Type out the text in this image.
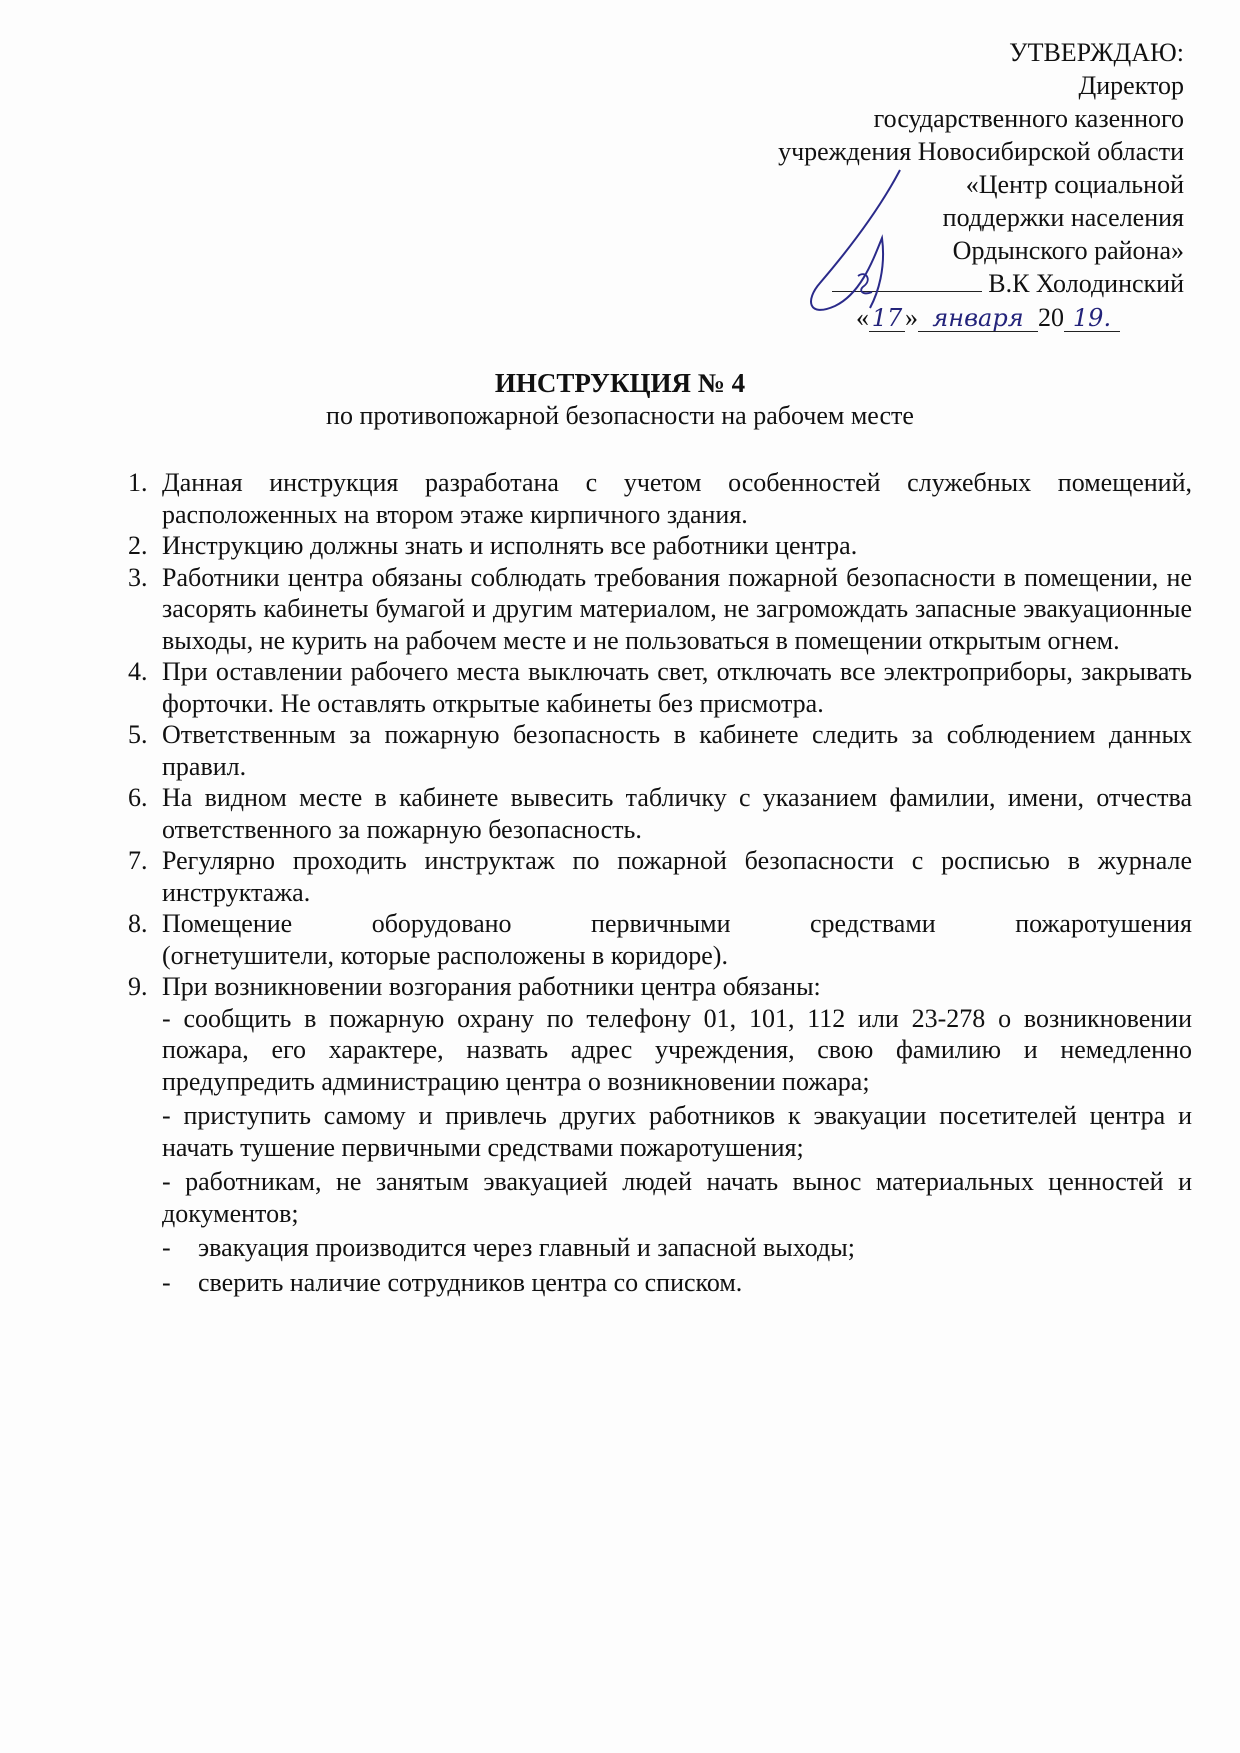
УТВЕРЖДАЮ:
Директор
государственного казенного
учреждения Новосибирской области
«Центр социальной
поддержки населения
Ордынского района»
В.К Холодинский
« 17 » января 20 19.
ИНСТРУКЦИЯ № 4
по противопожарной безопасности на рабочем месте

1. Данная инструкция разработана с учетом особенностей служебных помещений, расположенных на втором этаже кирпичного здания.

2. Инструкцию должны знать и исполнять все работники центра.

3. Работники центра обязаны соблюдать требования пожарной безопасности в помещении, не засорять кабинеты бумагой и другим материалом, не загромождать запасные эвакуационные выходы, не курить на рабочем месте и не пользоваться в помещении открытым огнем.

4. При оставлении рабочего места выключать свет, отключать все электроприборы, закрывать форточки. Не оставлять открытые кабинеты без присмотра.

5. Ответственным за пожарную безопасность в кабинете следить за соблюдением данных правил.

6. На видном месте в кабинете вывесить табличку с указанием фамилии, имени, отчества ответственного за пожарную безопасность.

7. Регулярно проходить инструктаж по пожарной безопасности с росписью в журнале инструктажа.

8. Помещение оборудовано первичными средствами пожаротушения
(огнетушители, которые расположены в коридоре).

9. При возникновении возгорания работники центра обязаны:

- сообщить в пожарную охрану по телефону 01, 101, 112 или 23-278 о возникновении пожара, его характере, назвать адрес учреждения, свою фамилию и немедленно предупредить администрацию центра о возникновении пожара;

- приступить самому и привлечь других работников к эвакуации посетителей центра и начать тушение первичными средствами пожаротушения;

- работникам, не занятым эвакуацией людей начать вынос материальных ценностей и документов;

- эвакуация производится через главный и запасной выходы;

- сверить наличие сотрудников центра со списком.
